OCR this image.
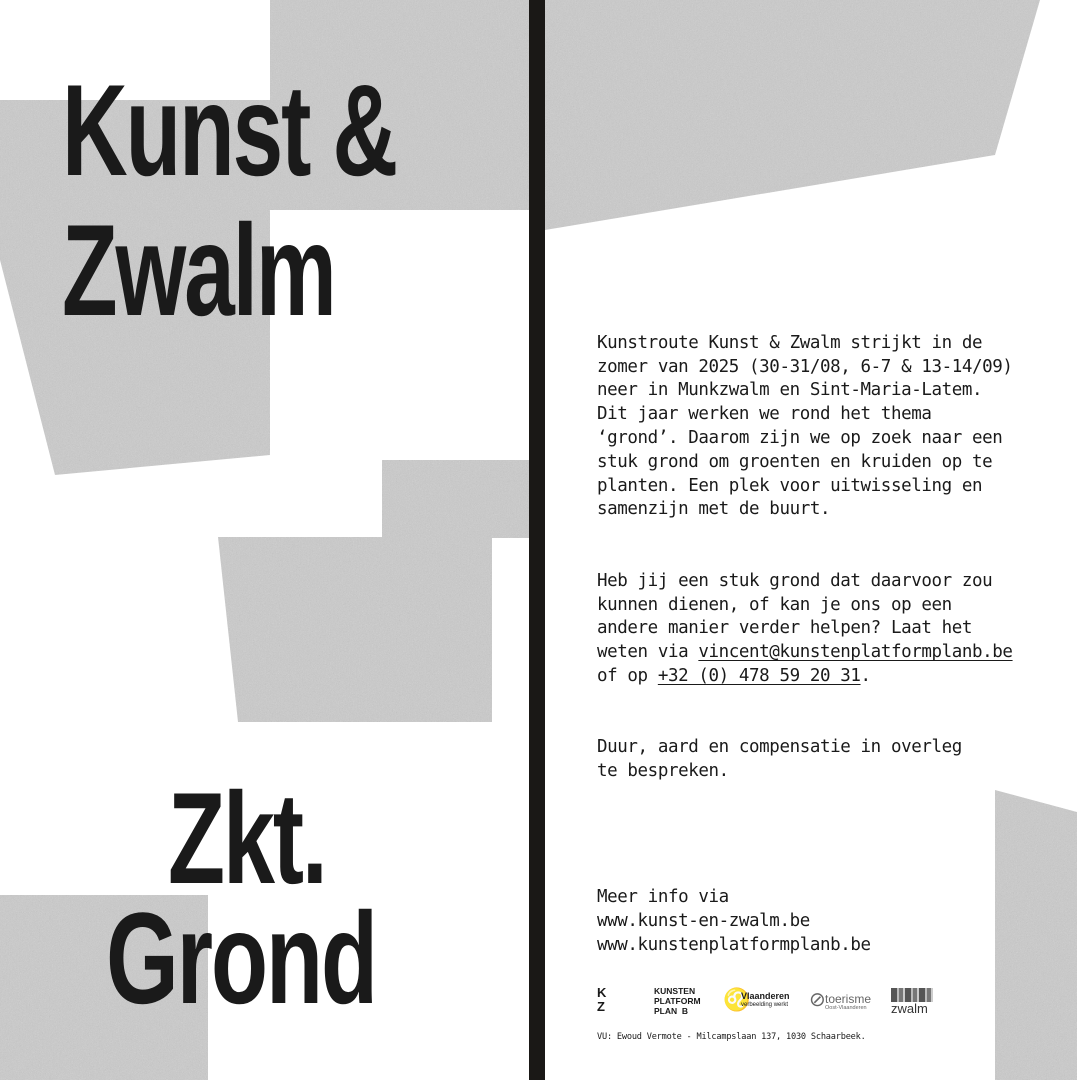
Kunst &
Zwalm
Zkt.
Grond

Kunstroute Kunst & Zwalm strijkt in de
zomer van 2025 (30-31/08, 6-7 & 13-14/09)
neer in Munkzwalm en Sint-Maria-Latem.
Dit jaar werken we rond het thema
‘grond’. Daarom zijn we op zoek naar een
stuk grond om groenten en kruiden op te
planten. Een plek voor uitwisseling en
samenzijn met de buurt.

Heb jij een stuk grond dat daarvoor zou
kunnen dienen, of kan je ons op een
andere manier verder helpen? Laat het
weten via vincent@kunstenplatformplanb.be
of op +32 (0) 478 59 20 31.

Duur, aard en compensatie in overleg
te bespreken.

Meer info via
www.kunst-en-zwalm.be
www.kunstenplatformplanb.be
K
Z
KUNSTEN
PLATFORM
PLAN  B	♌
Vlaanderen
verbeelding werkt ⊘ toerisme
Oost-Vlaanderen zwalm
VU: Ewoud Vermote - Milcampslaan 137, 1030 Schaarbeek.
